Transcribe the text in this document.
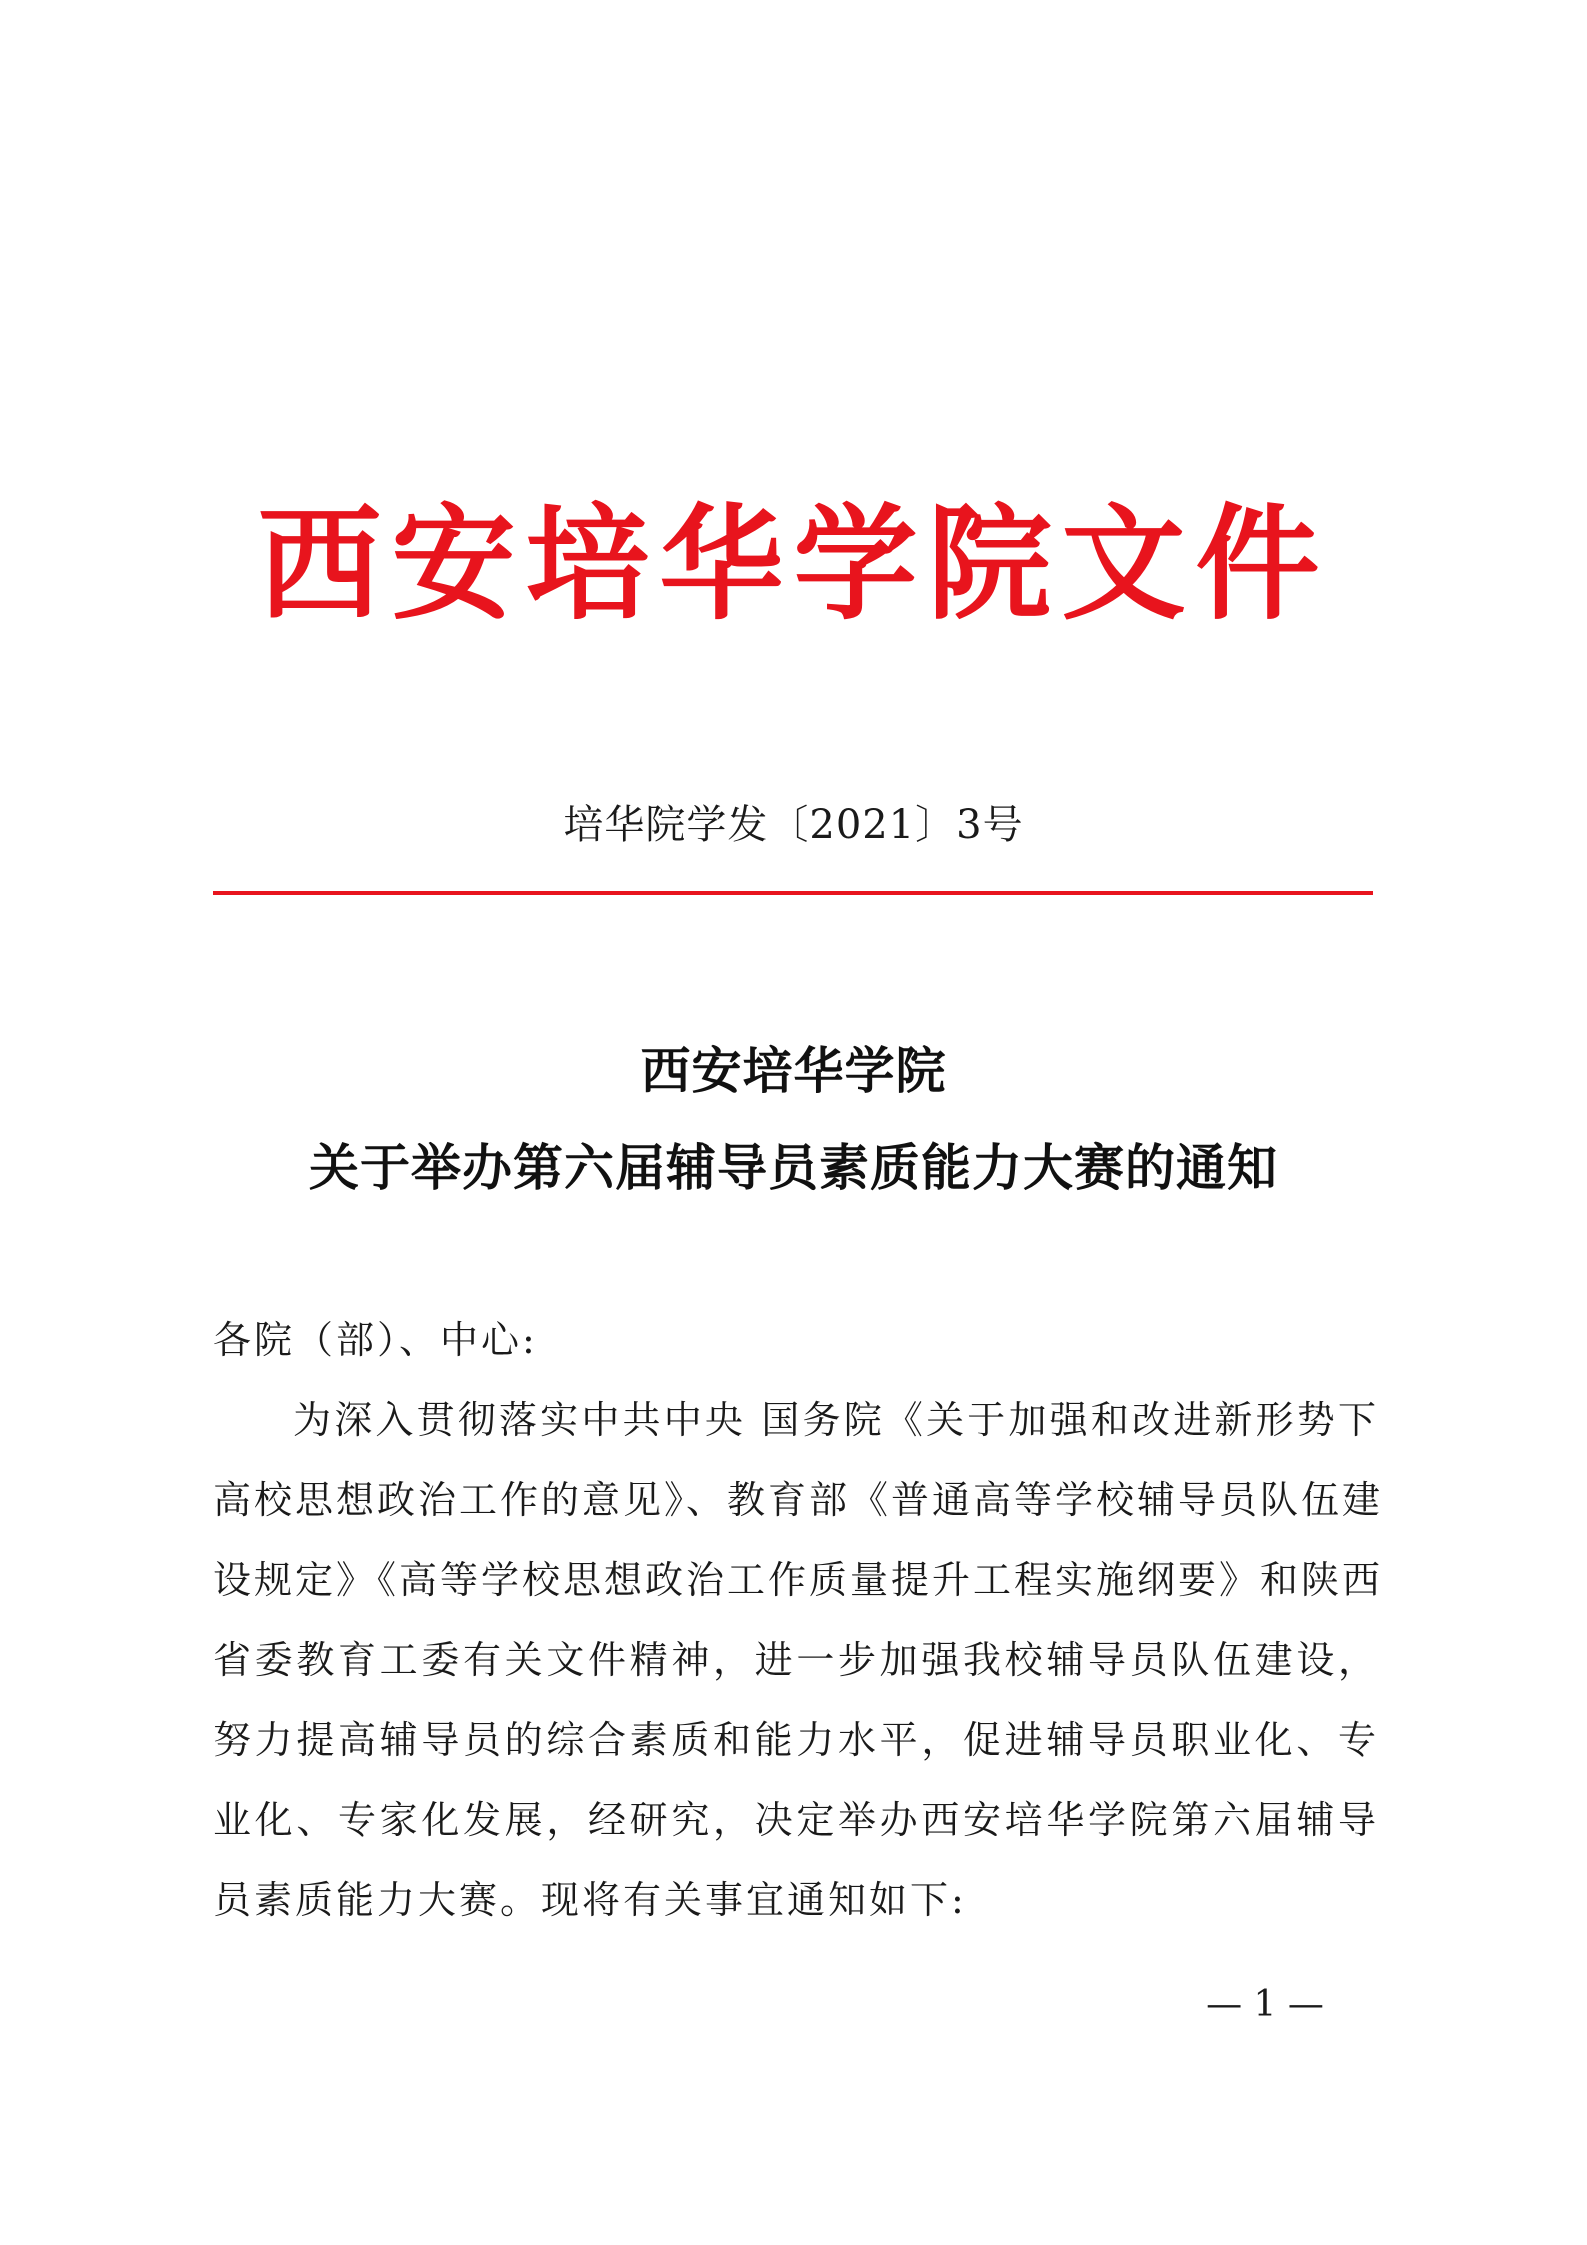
西安培华学院文件
培华院学发〔2021〕3号
西安培华学院
关于举办第六届辅导员素质能力大赛的通知
各院（部）、中心:
为深入贯彻落实中共中央 国务院《关于加强和改进新形势下
高校思想政治工作的意见》、教育部《普通高等学校辅导员队伍建
设规定》《高等学校思想政治工作质量提升工程实施纲要》和陕西
省委教育工委有关文件精神，进一步加强我校辅导员队伍建设，
努力提高辅导员的综合素质和能力水平，促进辅导员职业化、专
业化、专家化发展，经研究，决定举办西安培华学院第六届辅导
员素质能力大赛。现将有关事宜通知如下:
— 1 —
